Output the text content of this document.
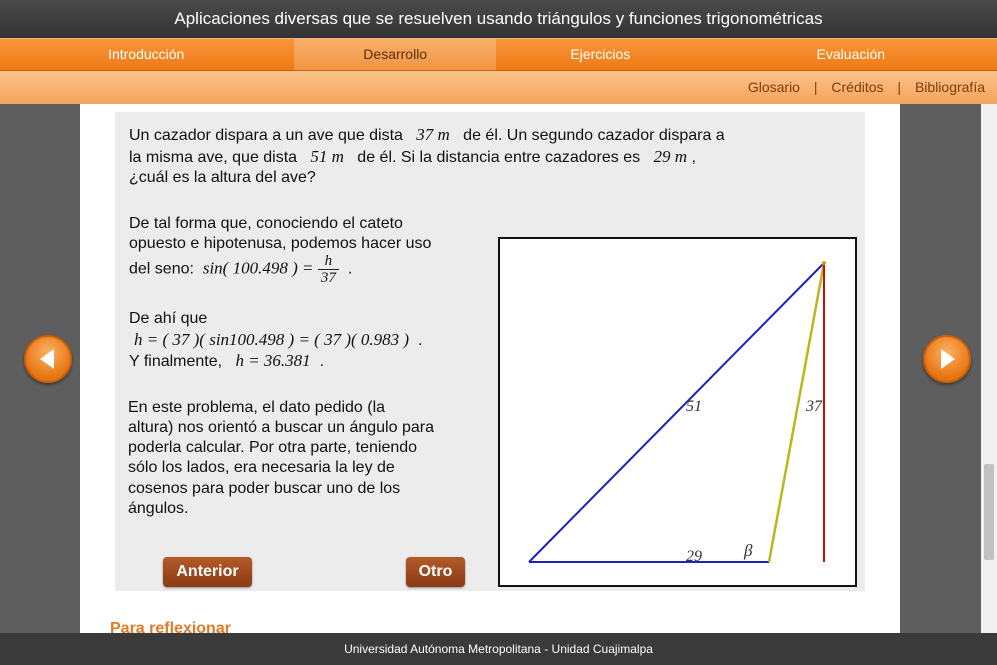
Aplicaciones diversas que se resuelven usando triángulos y funciones trigonométricas
Introducción	Desarrollo	Ejercicios	Evaluación
Glosario | Créditos | Bibliografía
Un cazador dispara a un ave que dista 37 m de él. Un segundo cazador dispara a
la misma ave, que dista 51 m de él. Si la distancia entre cazadores es 29 m ,
¿cuál es la altura del ave?
De tal forma que, conociendo el cateto
opuesto e hipotenusa, podemos hacer uso
del seno: sin( 100.498 ) = $\frac{h}{37}$ .
De ahí que
h = ( 37 )( sin100.498 ) = ( 37 )( 0.983 ) .
Y finalmente, h = 36.381 .
En este problema, el dato pedido (la
altura) nos orientó a buscar un ángulo para
poderla calcular. Por otra parte, teniendo
sólo los lados, era necesaria la ley de
cosenos para poder buscar uno de los
ángulos.
Anterior	Otro
51	37
29 β
Para reflexionar
Universidad Autónoma Metropolitana - Unidad Cuajimalpa
